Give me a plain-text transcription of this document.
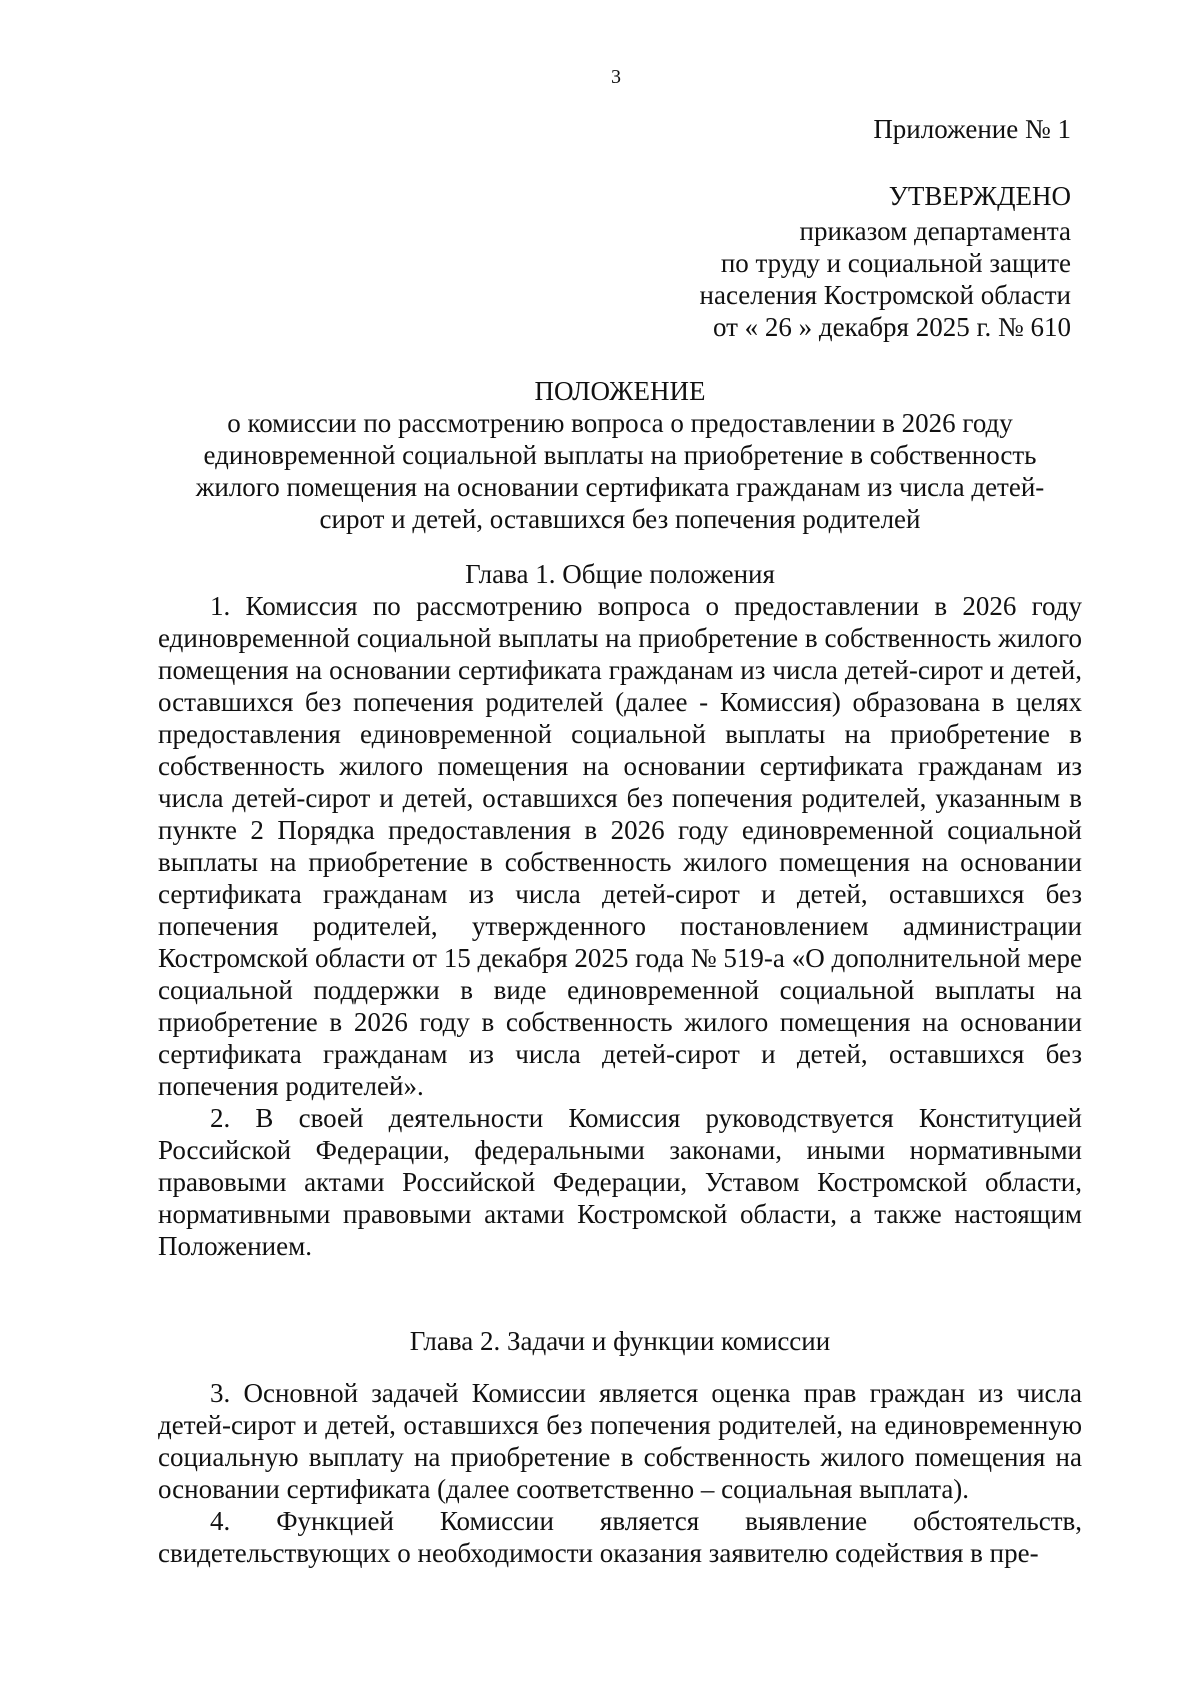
3
Приложение № 1
УТВЕРЖДЕНО
приказом департамента
по труду и социальной защите
населения Костромской области
от « 26 » декабря 2025 г. № 610
ПОЛОЖЕНИЕ
о комиссии по рассмотрению вопроса о предоставлении в 2026 году
единовременной социальной выплаты на приобретение в собственность
жилого помещения на основании сертификата гражданам из числа детей-
сирот и детей, оставшихся без попечения родителей
Глава 1. Общие положения

1. Комиссия по рассмотрению вопроса о предоставлении в 2026 году единовременной социальной выплаты на приобретение в собственность жилого помещения на основании сертификата гражданам из числа детей-сирот и детей, оставшихся без попечения родителей (далее - Комиссия) образована в целях предоставления единовременной социальной выплаты на приобретение в собственность жилого помещения на основании сертификата гражданам из числа детей-сирот и детей, оставшихся без попечения родителей, указанным в пункте 2 Порядка предоставления в 2026 году единовременной социальной выплаты на приобретение в собственность жилого помещения на основании сертификата гражданам из числа детей-сирот и детей, оставшихся без попечения родителей, утвержденного постановлением администрации Костромской области от 15 декабря 2025 года № 519-а «О дополнительной мере социальной поддержки в виде единовременной социальной выплаты на приобретение в 2026 году в собственность жилого помещения на основании сертификата гражданам из числа детей-сирот и детей, оставшихся без попечения родителей».

2. В своей деятельности Комиссия руководствуется Конституцией Российской Федерации, федеральными законами, иными нормативными правовыми актами Российской Федерации, Уставом Костромской области, нормативными правовыми актами Костромской области, а также настоящим Положением.

Глава 2. Задачи и функции комиссии

3. Основной задачей Комиссии является оценка прав граждан из числа детей-сирот и детей, оставшихся без попечения родителей, на единовременную социальную выплату на приобретение в собственность жилого помещения на основании сертификата (далее соответственно – социальная выплата).

4. Функцией Комиссии является выявление обстоятельств, свидетельствующих о необходимости оказания заявителю содействия в пре-
